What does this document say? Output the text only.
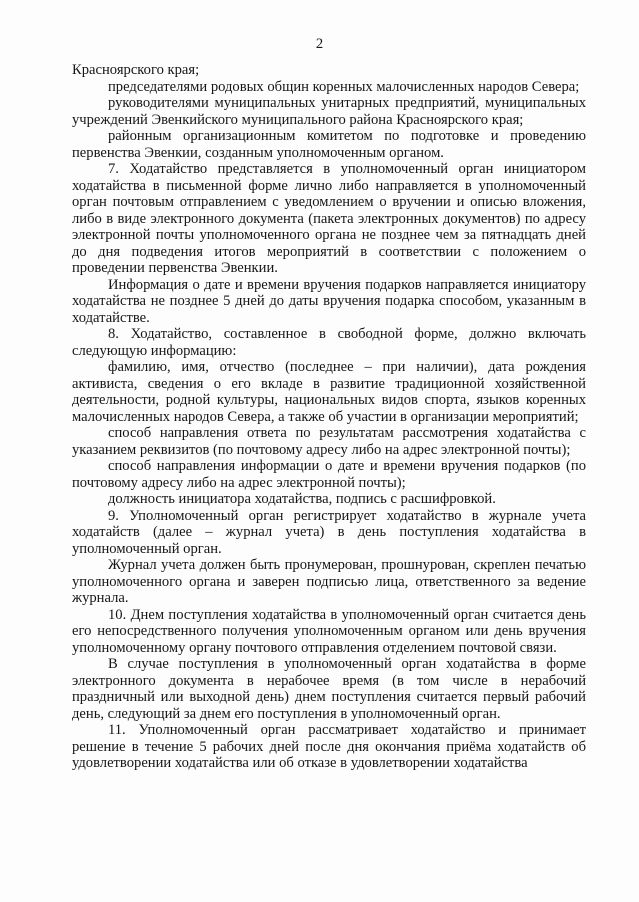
2

Красноярского края;

председателями родовых общин коренных малочисленных народов Севера;

руководителями муниципальных унитарных предприятий, муниципальных учреждений Эвенкийского муниципального района Красноярского края;

районным организационным комитетом по подготовке и проведению первенства Эвенкии, созданным уполномоченным органом.

7. Ходатайство представляется в уполномоченный орган инициатором ходатайства в письменной форме лично либо направляется в уполномоченный орган почтовым отправлением с уведомлением о вручении и описью вложения, либо в виде электронного документа (пакета электронных документов) по адресу электронной почты уполномоченного органа не позднее чем за пятнадцать дней до дня подведения итогов мероприятий в соответствии с положением о проведении первенства Эвенкии.

Информация о дате и времени вручения подарков направляется инициатору ходатайства не позднее 5 дней до даты вручения подарка способом, указанным в ходатайстве.

8. Ходатайство, составленное в свободной форме, должно включать следующую информацию:

фамилию, имя, отчество (последнее – при наличии), дата рождения активиста, сведения о его вкладе в развитие традиционной хозяйственной деятельности, родной культуры, национальных видов спорта, языков коренных малочисленных народов Севера, а также об участии в организации мероприятий;

способ направления ответа по результатам рассмотрения ходатайства с указанием реквизитов (по почтовому адресу либо на адрес электронной почты);

способ направления информации о дате и времени вручения подарков (по почтовому адресу либо на адрес электронной почты);

должность инициатора ходатайства, подпись с расшифровкой.

9. Уполномоченный орган регистрирует ходатайство в журнале учета ходатайств (далее – журнал учета) в день поступления ходатайства в уполномоченный орган.

Журнал учета должен быть пронумерован, прошнурован, скреплен печатью уполномоченного органа и заверен подписью лица, ответственного за ведение журнала.

10. Днем поступления ходатайства в уполномоченный орган считается день его непосредственного получения уполномоченным органом или день вручения уполномоченному органу почтового отправления отделением почтовой связи.

В случае поступления в уполномоченный орган ходатайства в форме электронного документа в нерабочее время (в том числе в нерабочий праздничный или выходной день) днем поступления считается первый рабочий день, следующий за днем его поступления в уполномоченный орган.

11. Уполномоченный орган рассматривает ходатайство и принимает решение в течение 5 рабочих дней после дня окончания приёма ходатайств об удовлетворении ходатайства или об отказе в удовлетворении ходатайства
